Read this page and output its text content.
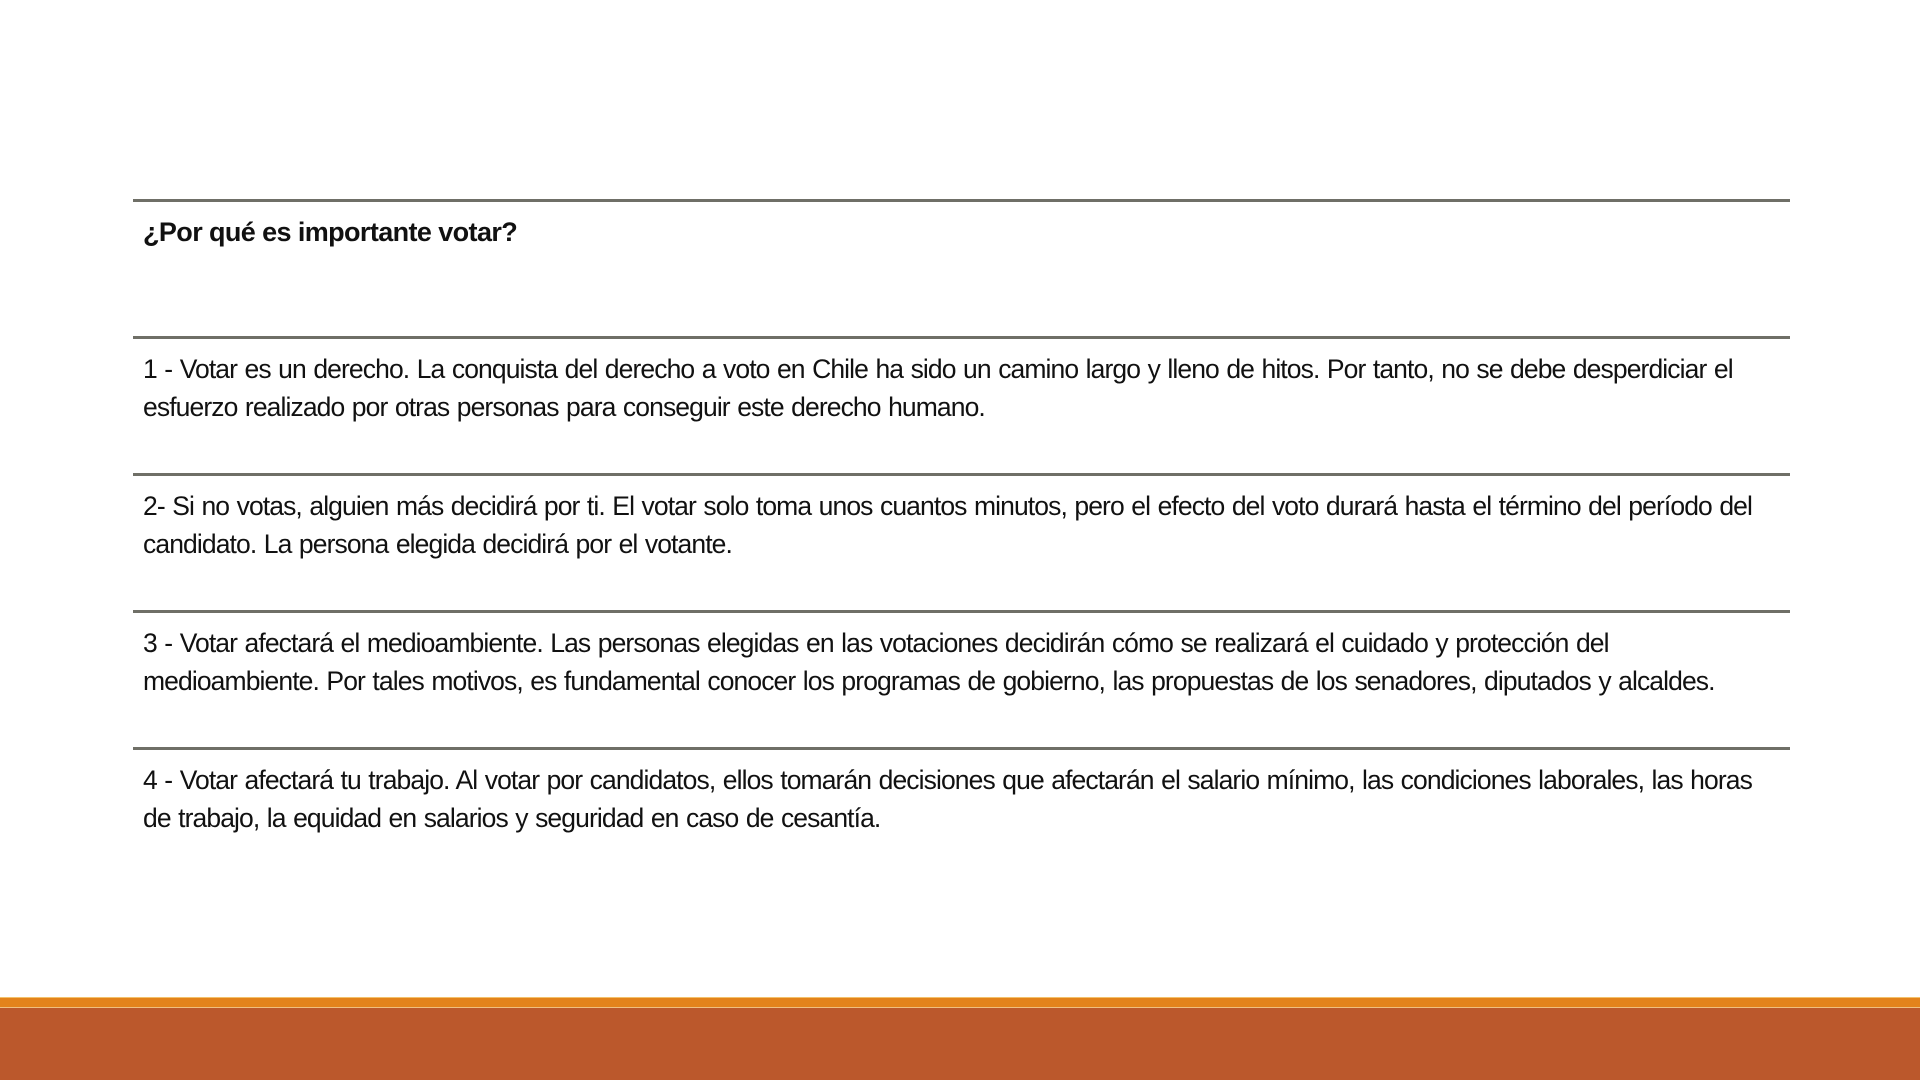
¿Por qué es importante votar?

1 - Votar es un derecho. La conquista del derecho a voto en Chile ha sido un camino largo y lleno de hitos. Por tanto, no se debe desperdiciar el esfuerzo realizado por otras personas para conseguir este derecho humano.

2- Si no votas, alguien más decidirá por ti. El votar solo toma unos cuantos minutos, pero el efecto del voto durará hasta el término del período del candidato. La persona elegida decidirá por el votante.

3 - Votar afectará el medioambiente. Las personas elegidas en las votaciones decidirán cómo se realizará el cuidado y protección del medioambiente. Por tales motivos, es fundamental conocer los programas de gobierno, las propuestas de los senadores, diputados y alcaldes.

4 - Votar afectará tu trabajo. Al votar por candidatos, ellos tomarán decisiones que afectarán el salario mínimo, las condiciones laborales, las horas de trabajo, la equidad en salarios y seguridad en caso de cesantía.
